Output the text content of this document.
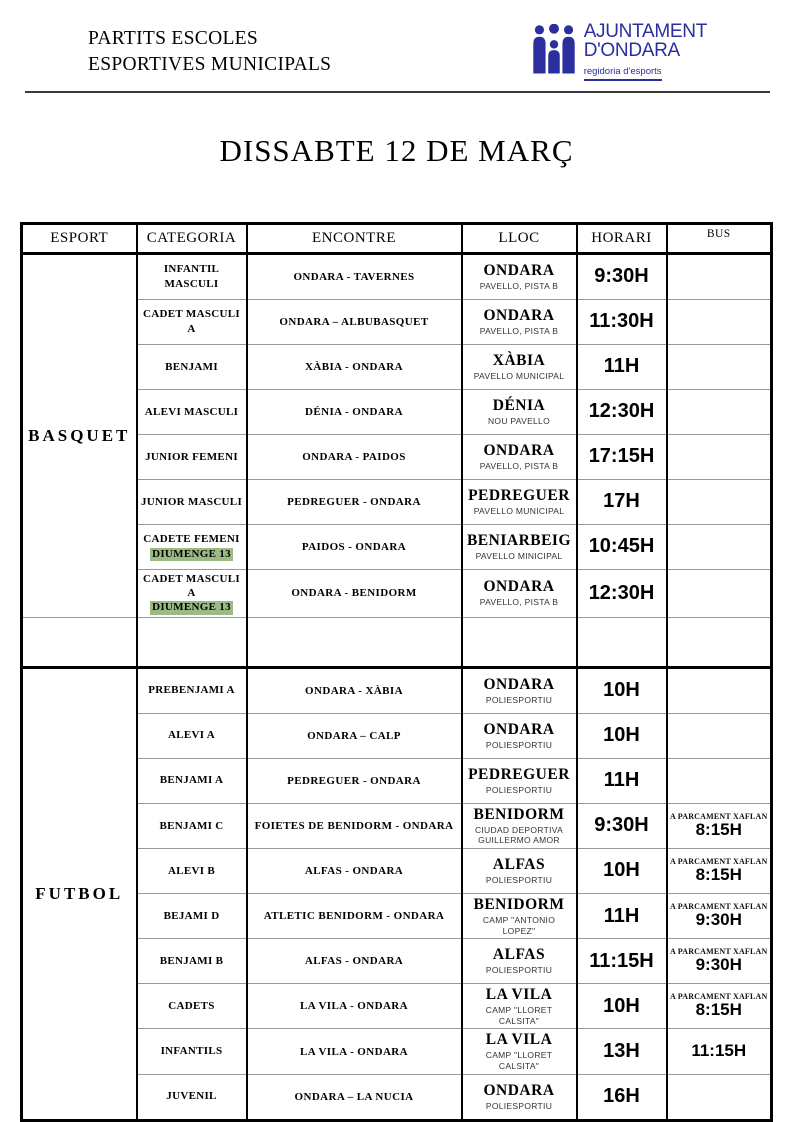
PARTITS ESCOLES
ESPORTIVES MUNICIPALS
AJUNTAMENT
D'ONDARA
regidoria d'esports
DISSABTE 12 DE MARÇ
ESPORT	CATEGORIA	ENCONTRE	LLOC	HORARI	BUS
BASQUET	INFANTIL MASCULI	ONDARA - TAVERNES	ONDARA
PAVELLO, PISTA B	9:30H	

	CADET MASCULI A	ONDARA – ALBUBASQUET	ONDARA
PAVELLO, PISTA B	11:30H	

	BENJAMI	XÀBIA - ONDARA	XÀBIA
PAVELLO MUNICIPAL	11H	

	ALEVI MASCULI	DÉNIA - ONDARA	DÉNIA
NOU PAVELLO	12:30H	

	JUNIOR FEMENI	ONDARA - PAIDOS	ONDARA
PAVELLO, PISTA B	17:15H	

	JUNIOR MASCULI	PEDREGUER - ONDARA	PEDREGUER
PAVELLO MUNICIPAL	17H	

	CADETE FEMENI
DIUMENGE 13	PAIDOS - ONDARA	BENIARBEIG
PAVELLO MINICIPAL	10:45H	

	CADET MASCULI A
DIUMENGE 13	ONDARA - BENIDORM	ONDARA
PAVELLO, PISTA B	12:30H	

FUTBOL	PREBENJAMI A	ONDARA - XÀBIA	ONDARA
POLIESPORTIU	10H	

	ALEVI A	ONDARA – CALP	ONDARA
POLIESPORTIU	10H	

	BENJAMI A	PEDREGUER - ONDARA	PEDREGUER
POLIESPORTIU	11H	

	BENJAMI C	FOIETES DE BENIDORM - ONDARA	BENIDORM
CIUDAD DEPORTIVA GUILLERMO AMOR	9:30H	A PARCAMENT XAFLAN
8:15H

	ALEVI B	ALFAS - ONDARA	ALFAS
POLIESPORTIU	10H	A PARCAMENT XAFLAN
8:15H

	BEJAMI D	ATLETIC BENIDORM - ONDARA	BENIDORM
CAMP "ANTONIO LOPEZ"	11H	A PARCAMENT XAFLAN
9:30H

	BENJAMI B	ALFAS - ONDARA	ALFAS
POLIESPORTIU	11:15H	A PARCAMENT XAFLAN
9:30H

	CADETS	LA VILA - ONDARA	LA VILA
CAMP "LLORET CALSITA"	10H	A PARCAMENT XAFLAN
8:15H

	INFANTILS	LA VILA - ONDARA	LA VILA
CAMP "LLORET CALSITA"	13H	11:15H

	JUVENIL	ONDARA – LA NUCIA	ONDARA
POLIESPORTIU	16H	
